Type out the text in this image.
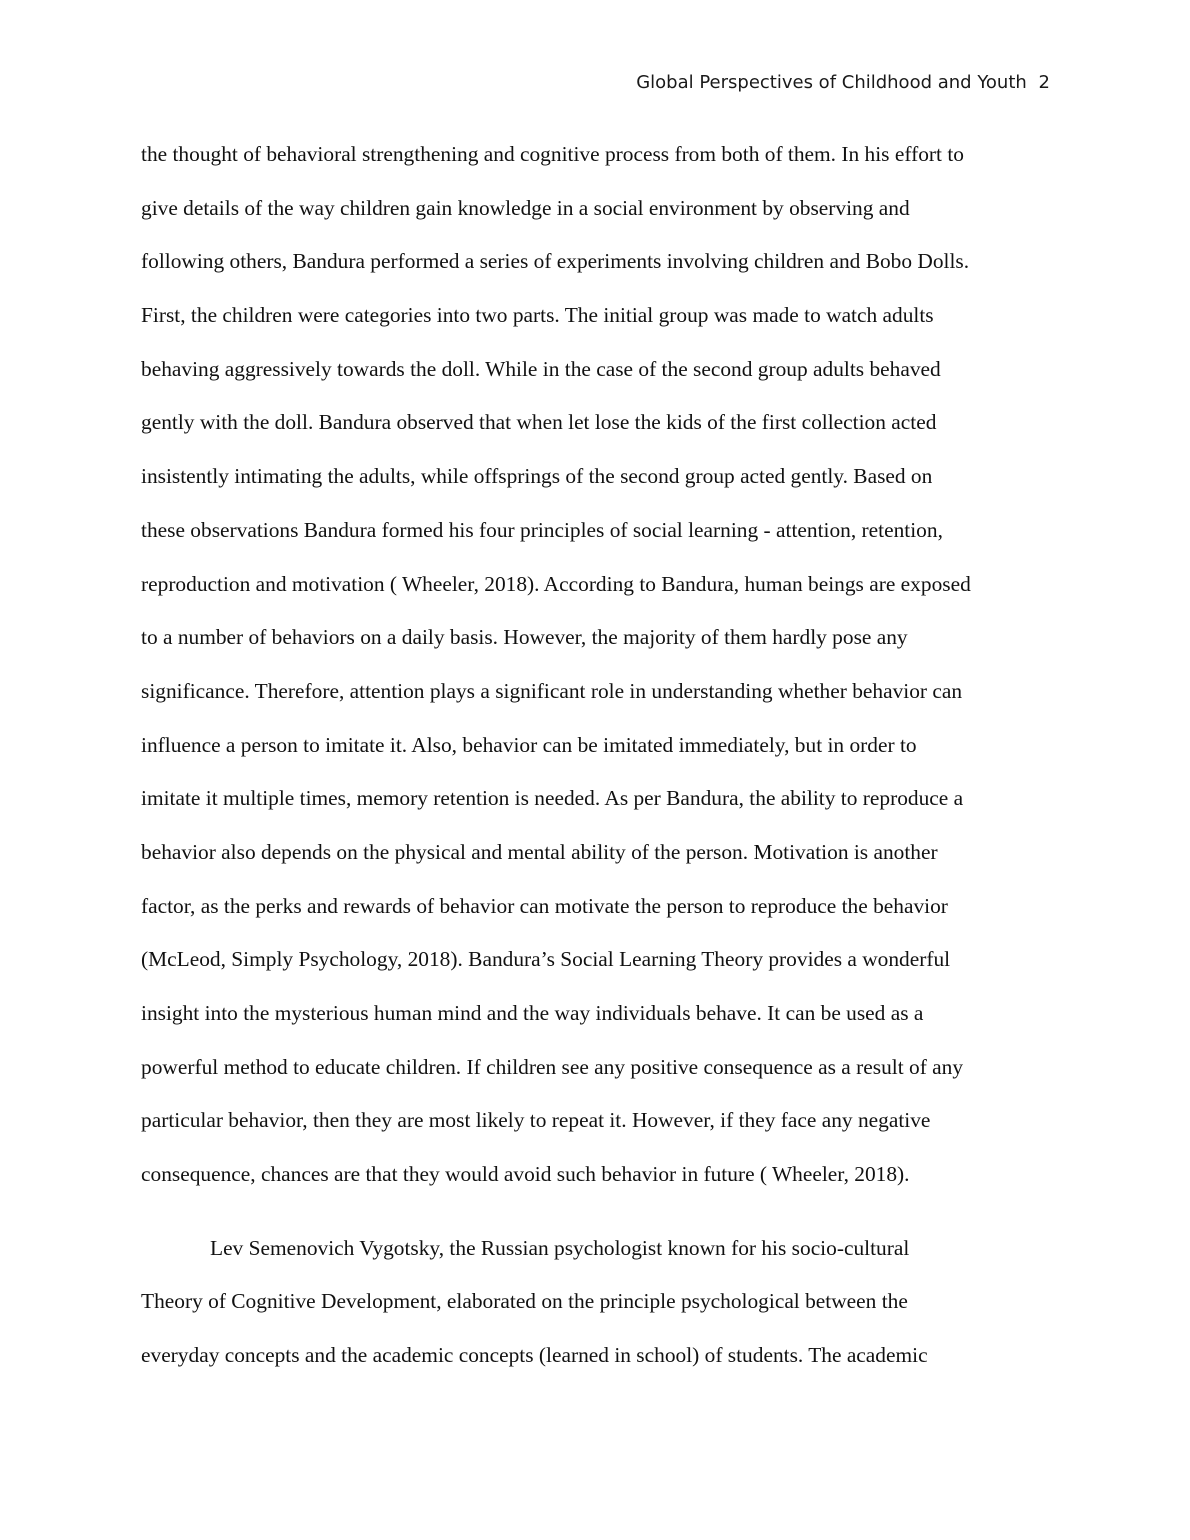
Global Perspectives of Childhood and Youth 2
the thought of behavioral strengthening and cognitive process from both of them. In his effort to
give details of the way children gain knowledge in a social environment by observing and
following others, Bandura performed a series of experiments involving children and Bobo Dolls.
First, the children were categories into two parts. The initial group was made to watch adults
behaving aggressively towards the doll. While in the case of the second group adults behaved
gently with the doll. Bandura observed that when let lose the kids of the first collection acted
insistently intimating the adults, while offsprings of the second group acted gently. Based on
these observations Bandura formed his four principles of social learning - attention, retention,
reproduction and motivation ( Wheeler, 2018). According to Bandura, human beings are exposed
to a number of behaviors on a daily basis. However, the majority of them hardly pose any
significance. Therefore, attention plays a significant role in understanding whether behavior can
influence a person to imitate it. Also, behavior can be imitated immediately, but in order to
imitate it multiple times, memory retention is needed. As per Bandura, the ability to reproduce a
behavior also depends on the physical and mental ability of the person. Motivation is another
factor, as the perks and rewards of behavior can motivate the person to reproduce the behavior
(McLeod, Simply Psychology, 2018). Bandura’s Social Learning Theory provides a wonderful
insight into the mysterious human mind and the way individuals behave. It can be used as a
powerful method to educate children. If children see any positive consequence as a result of any
particular behavior, then they are most likely to repeat it. However, if they face any negative
consequence, chances are that they would avoid such behavior in future ( Wheeler, 2018).
Lev Semenovich Vygotsky, the Russian psychologist known for his socio-cultural
Theory of Cognitive Development, elaborated on the principle psychological between the
everyday concepts and the academic concepts (learned in school) of students. The academic
